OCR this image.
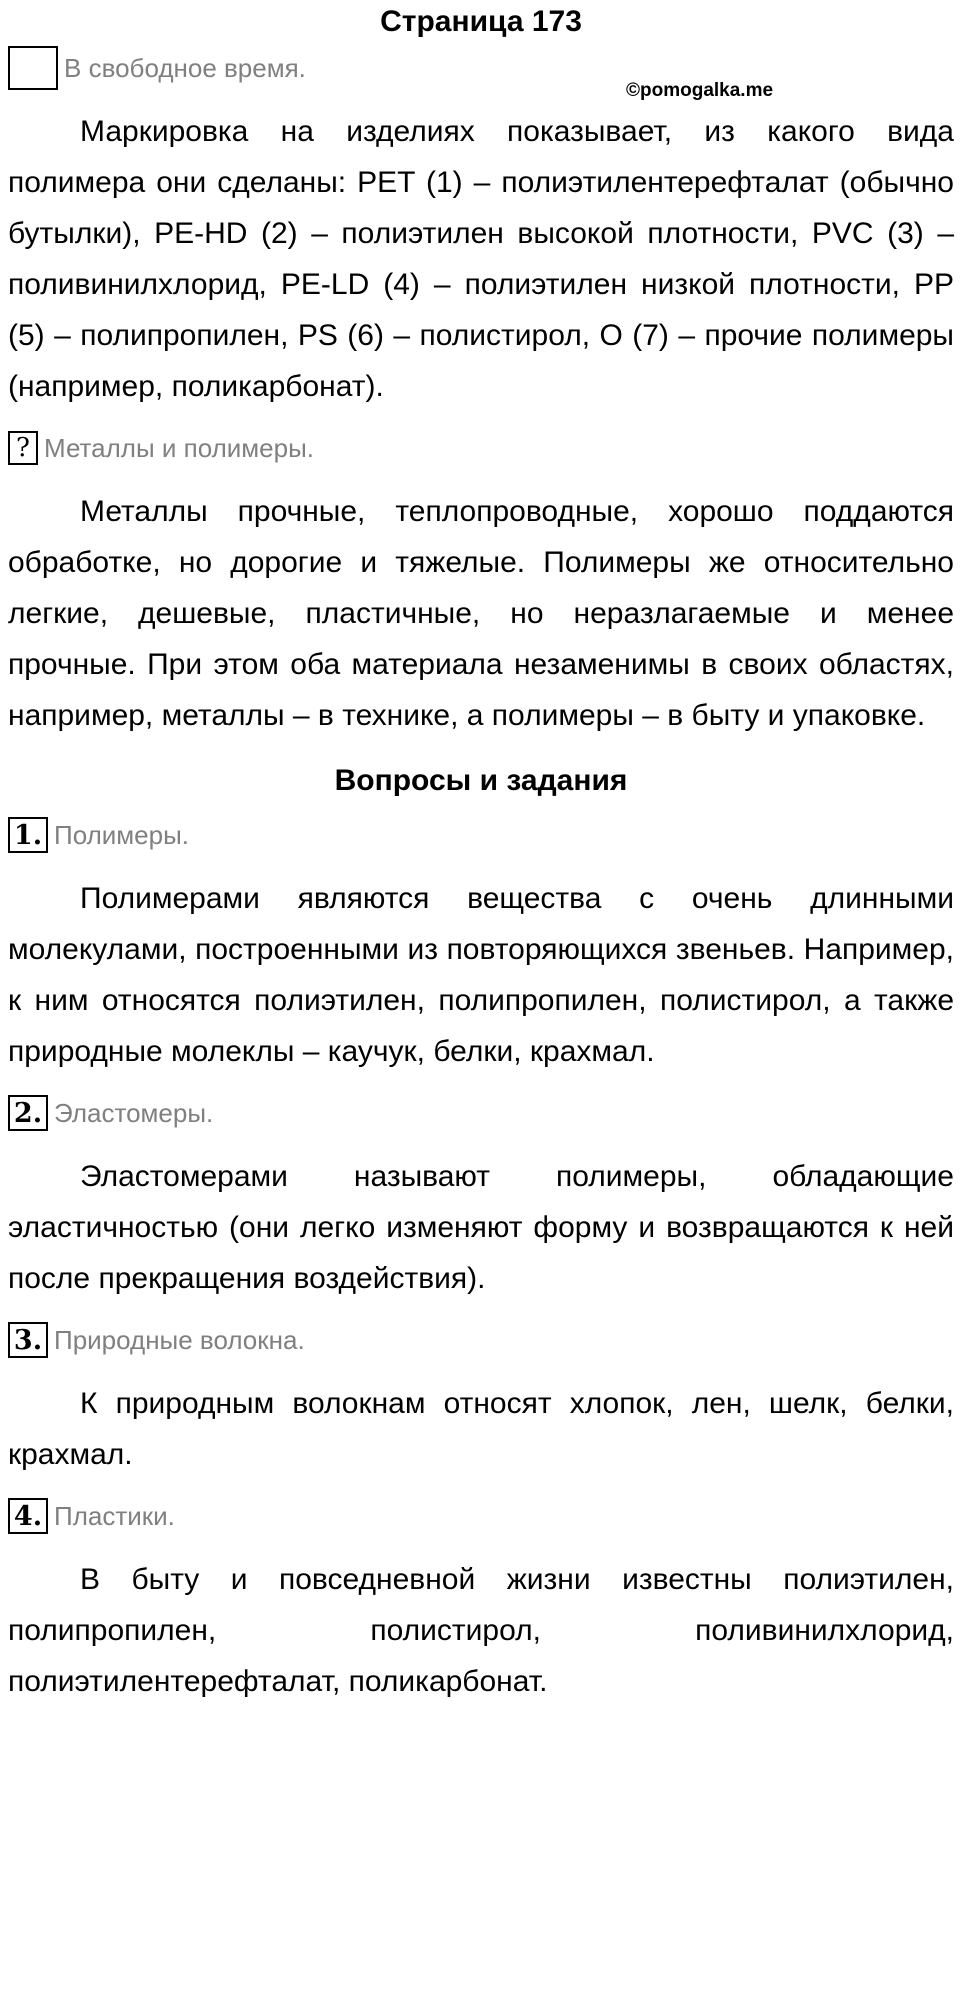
Страница 173
©pomogalka.me
В свободное время.

Маркировка на изделиях показывает, из какого вида полимера они сделаны: PET (1) – полиэтилентерефталат (обычно бутылки), PE-HD (2) – полиэтилен высокой плотности, PVC (3) – поливинилхлорид, PE-LD (4) – полиэтилен низкой плотности, PP (5) – полипропилен, PS (6) – полистирол, O (7) – прочие полимеры (например, поликарбонат).

? Металлы и полимеры.

Металлы прочные, теплопроводные, хорошо поддаются обработке, но дорогие и тяжелые. Полимеры же относительно легкие, дешевые, пластичные, но неразлагаемые и менее прочные. При этом оба материала незаменимы в своих областях, например, металлы – в технике, а полимеры – в быту и упаковке.

Вопросы и задания
1. Полимеры.

Полимерами являются вещества с очень длинными молекулами, построенными из повторяющихся звеньев. Например, к ним относятся полиэтилен, полипропилен, полистирол, а также природные молеклы – каучук, белки, крахмал.

2. Эластомеры.

Эластомерами называют полимеры, обладающие эластичностью (они легко изменяют форму и возвращаются к ней после прекращения воздействия).

3. Природные волокна.

К природным волокнам относят хлопок, лен, шелк, белки, крахмал.

4. Пластики.

В быту и повседневной жизни известны полиэтилен, полипропилен, полистирол, поливинилхлорид, полиэтилентерефталат, поликарбонат.
